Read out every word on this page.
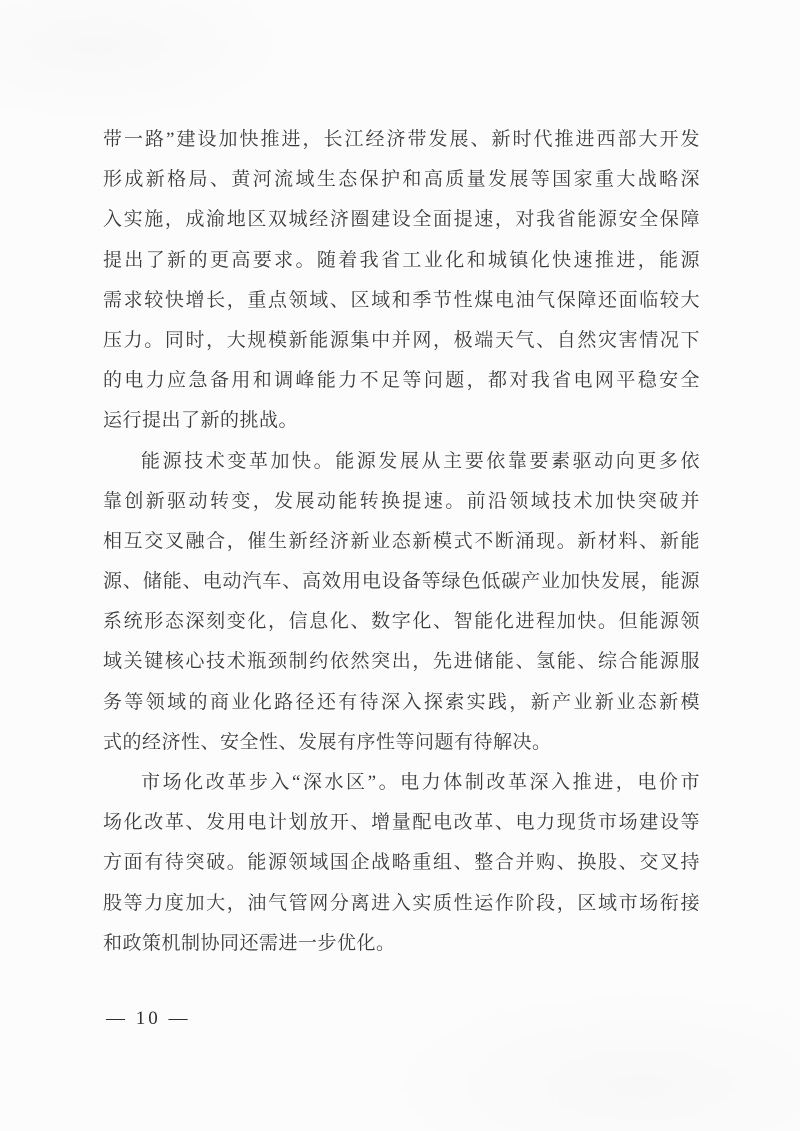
带一路”建设加快推进，长江经济带发展、新时代推进西部大开发
形成新格局、黄河流域生态保护和高质量发展等国家重大战略深
入实施，成渝地区双城经济圈建设全面提速，对我省能源安全保障
提出了新的更高要求。随着我省工业化和城镇化快速推进，能源
需求较快增长，重点领域、区域和季节性煤电油气保障还面临较大
压力。同时，大规模新能源集中并网，极端天气、自然灾害情况下
的电力应急备用和调峰能力不足等问题，都对我省电网平稳安全
运行提出了新的挑战。
能源技术变革加快。能源发展从主要依靠要素驱动向更多依
靠创新驱动转变，发展动能转换提速。前沿领域技术加快突破并
相互交叉融合，催生新经济新业态新模式不断涌现。新材料、新能
源、储能、电动汽车、高效用电设备等绿色低碳产业加快发展，能源
系统形态深刻变化，信息化、数字化、智能化进程加快。但能源领
域关键核心技术瓶颈制约依然突出，先进储能、氢能、综合能源服
务等领域的商业化路径还有待深入探索实践，新产业新业态新模
式的经济性、安全性、发展有序性等问题有待解决。
市场化改革步入“深水区”。电力体制改革深入推进，电价市
场化改革、发用电计划放开、增量配电改革、电力现货市场建设等
方面有待突破。能源领域国企战略重组、整合并购、换股、交叉持
股等力度加大，油气管网分离进入实质性运作阶段，区域市场衔接
和政策机制协同还需进一步优化。
— 10 —
